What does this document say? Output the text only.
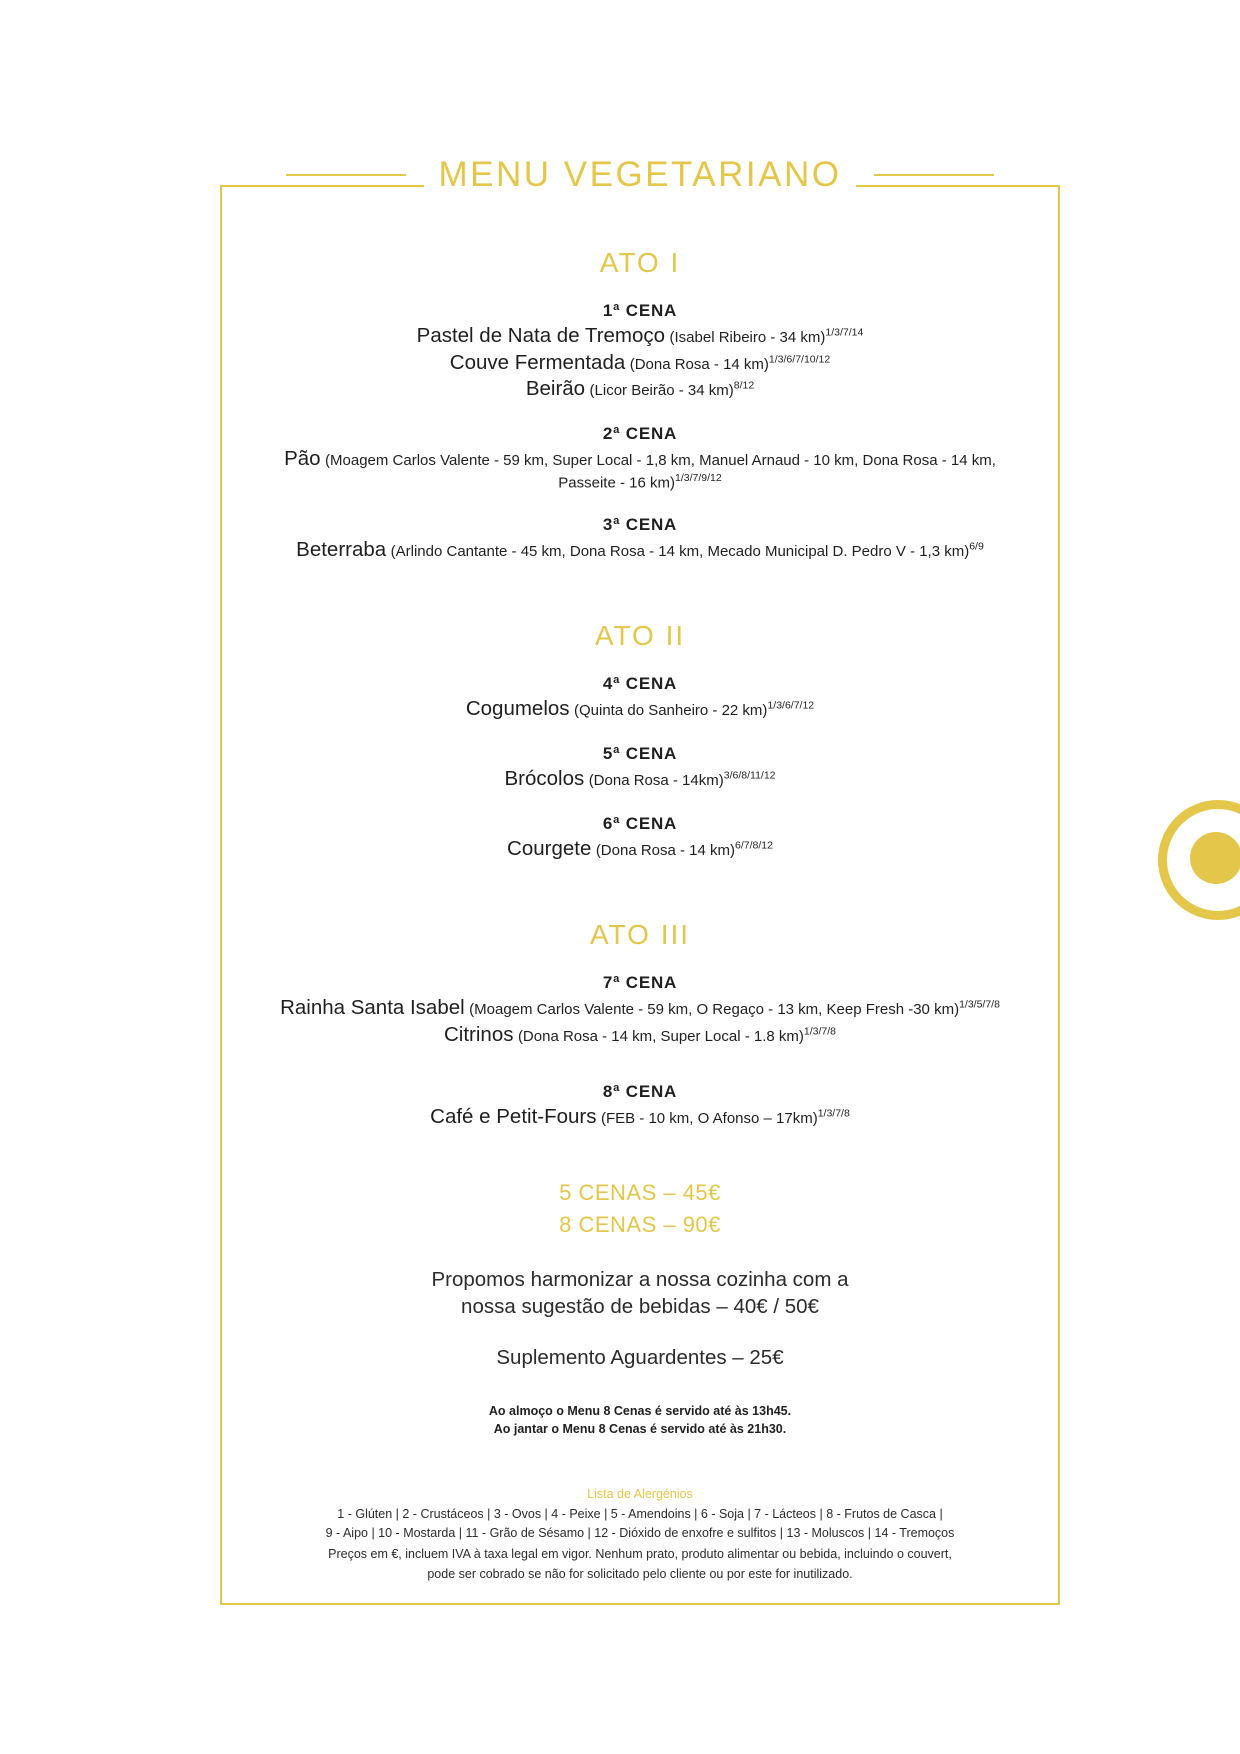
MENU VEGETARIANO
ATO I
1ª CENA
Pastel de Nata de Tremoço (Isabel Ribeiro - 34 km)$^{1/3/7/14}$
Couve Fermentada (Dona Rosa - 14 km)$^{1/3/6/7/10/12}$
Beirão (Licor Beirão - 34 km)$^{8/12}$
2ª CENA
Pão (Moagem Carlos Valente - 59 km, Super Local - 1,8 km, Manuel Arnaud - 10 km, Dona Rosa - 14 km, Passeite - 16 km)$^{1/3/7/9/12}$
3ª CENA
Beterraba (Arlindo Cantante - 45 km, Dona Rosa - 14 km, Mecado Municipal D. Pedro V - 1,3 km)$^{6/9}$
ATO II
4ª CENA
Cogumelos (Quinta do Sanheiro - 22 km)$^{1/3/6/7/12}$
5ª CENA
Brócolos (Dona Rosa - 14km)$^{3/6/8/11/12}$
6ª CENA
Courgete (Dona Rosa - 14 km)$^{6/7/8/12}$
ATO III
7ª CENA
Rainha Santa Isabel (Moagem Carlos Valente - 59 km, O Regaço - 13 km, Keep Fresh -30 km)$^{1/3/5/7/8}$
Citrinos (Dona Rosa - 14 km, Super Local - 1.8 km)$^{1/3/7/8}$
8ª CENA
Café e Petit-Fours (FEB - 10 km, O Afonso – 17km)$^{1/3/7/8}$
5 CENAS – 45€
8 CENAS – 90€
Propomos harmonizar a nossa cozinha com a
nossa sugestão de bebidas – 40€ / 50€
Suplemento Aguardentes – 25€
Ao almoço o Menu 8 Cenas é servido até às 13h45.
Ao jantar o Menu 8 Cenas é servido até às 21h30.
Lista de Alergénios
1 - Glúten | 2 - Crustáceos | 3 - Ovos | 4 - Peixe | 5 - Amendoins | 6 - Soja | 7 - Lácteos | 8 - Frutos de Casca |
9 - Aipo | 10 - Mostarda | 11 - Grão de Sésamo | 12 - Dióxido de enxofre e sulfitos | 13 - Moluscos | 14 - Tremoços
Preços em €, incluem IVA à taxa legal em vigor. Nenhum prato, produto alimentar ou bebida, incluindo o couvert,
pode ser cobrado se não for solicitado pelo cliente ou por este for inutilizado.
